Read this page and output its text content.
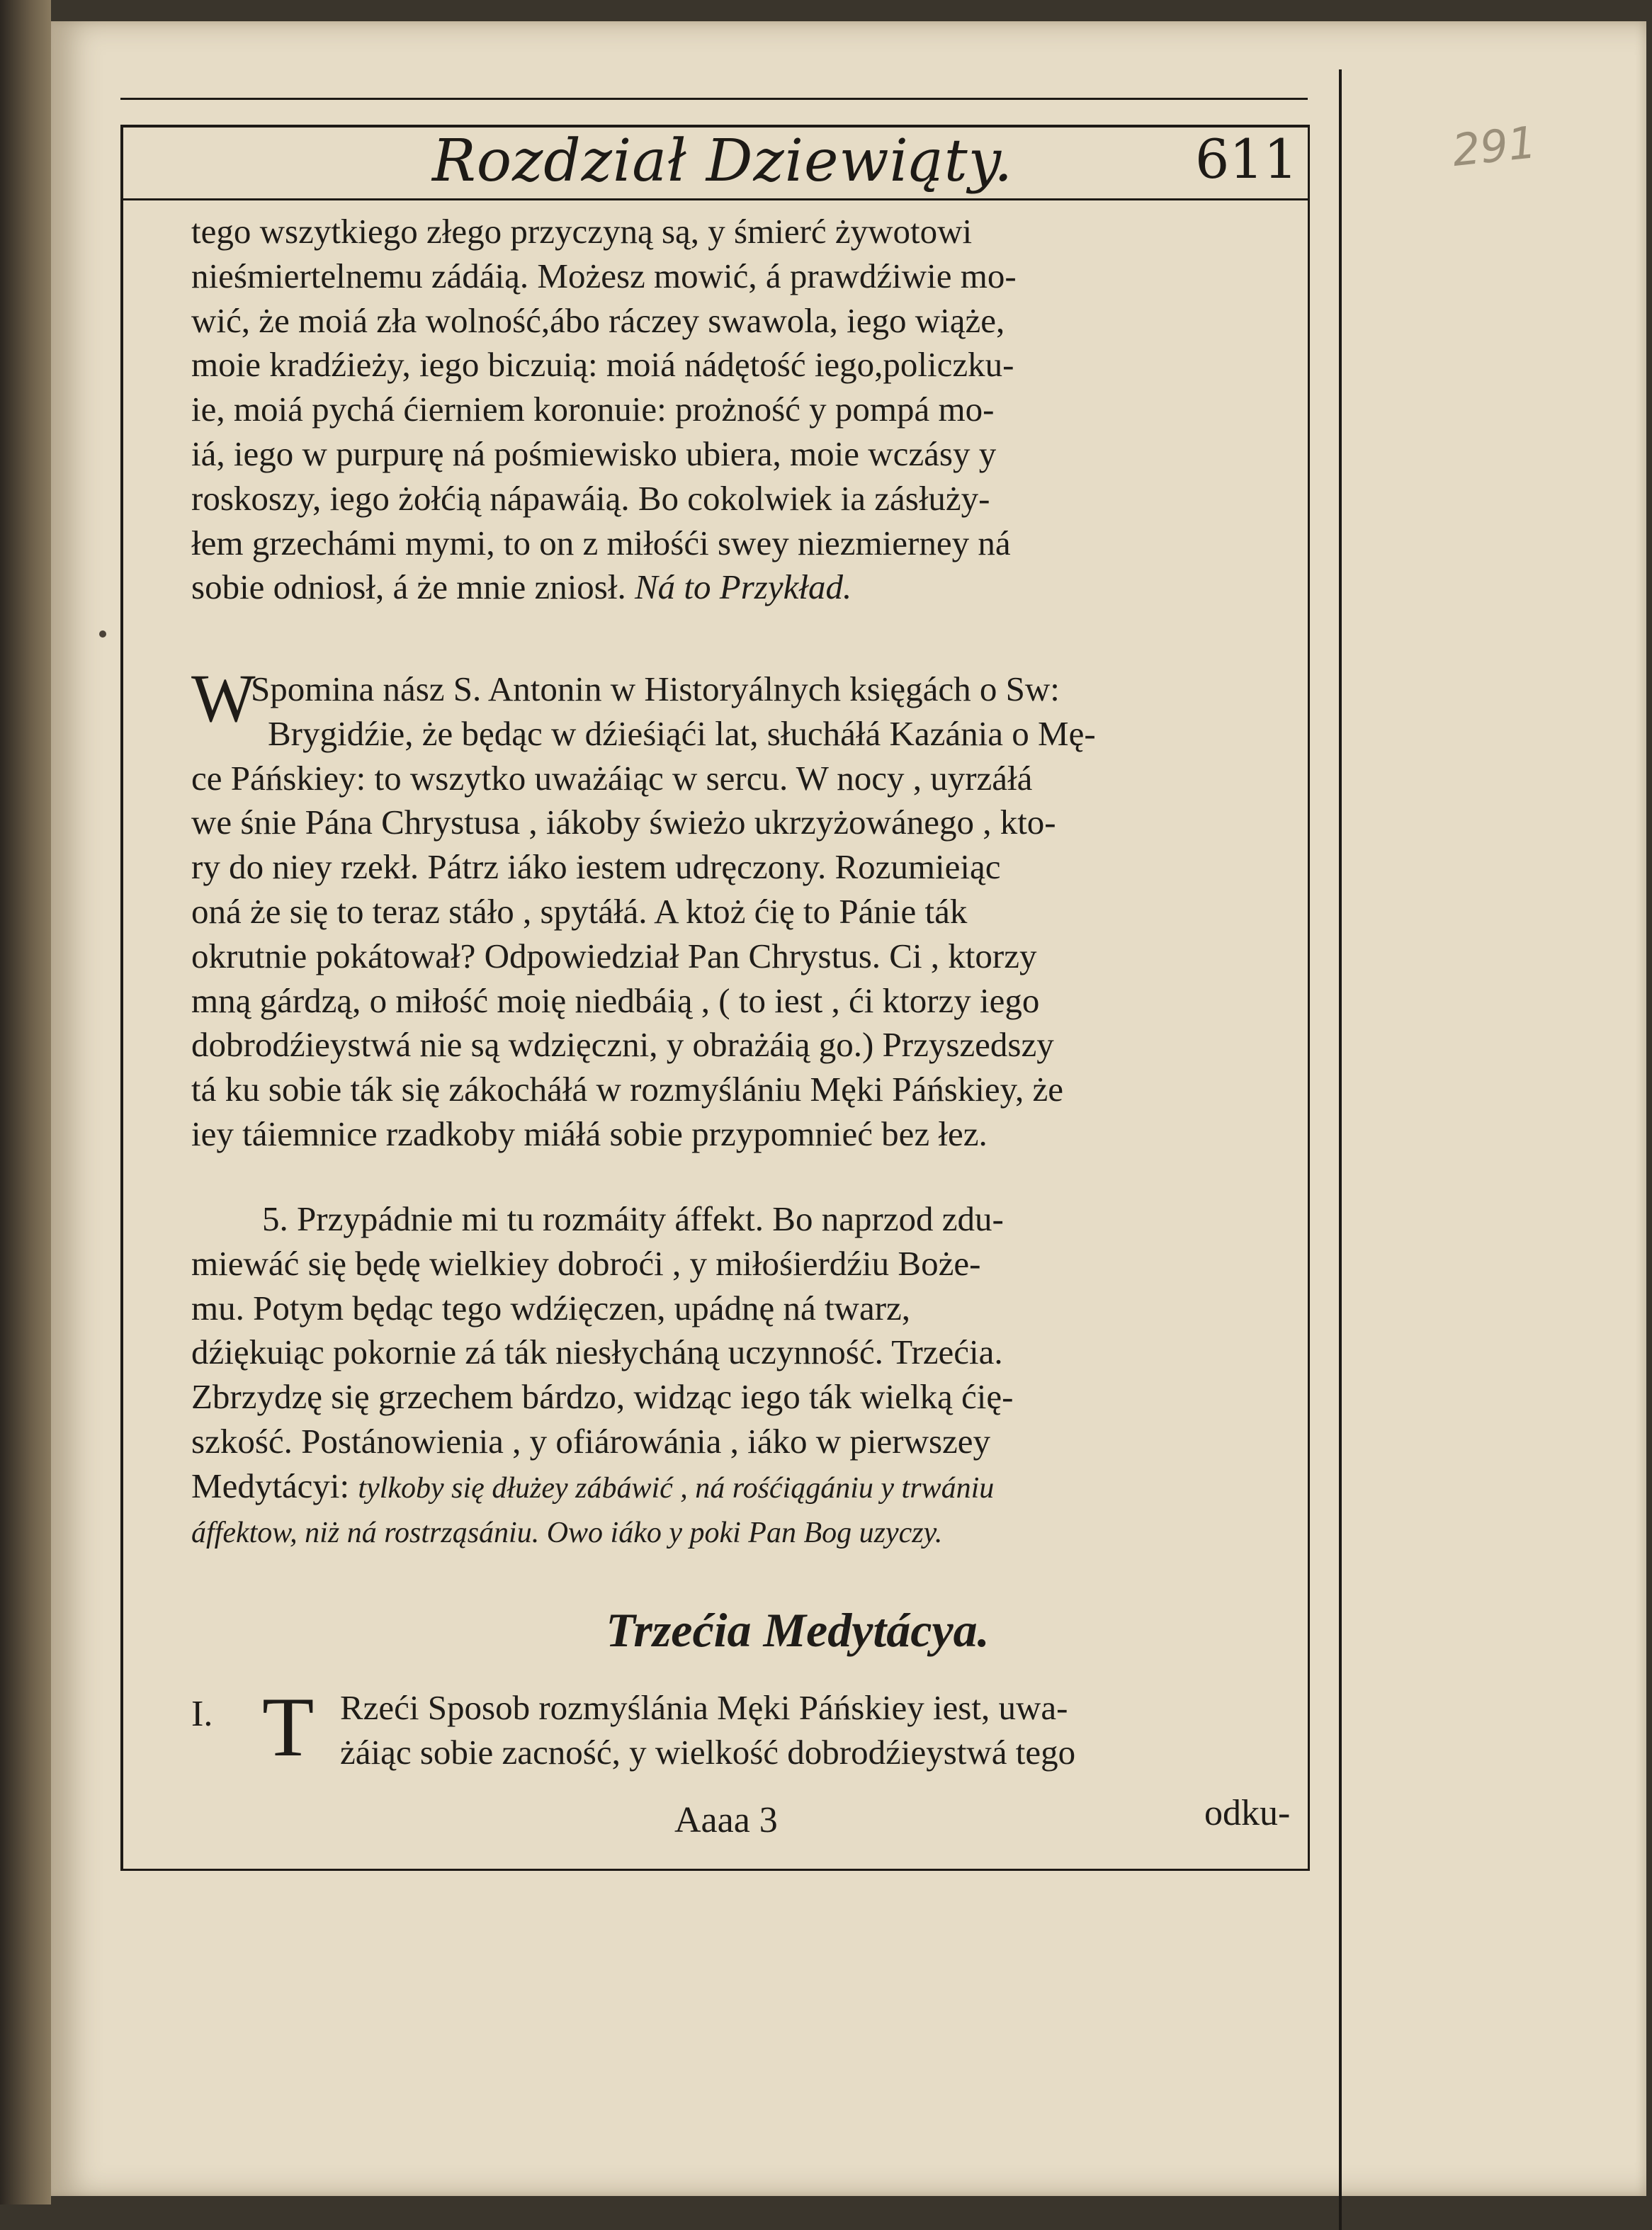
Rozdział Dziewiąty.	611	291
tego wszytkiego złego przyczyną są, y śmierć żywotowi
nieśmiertelnemu zádáią. Możesz mowić, á prawdźiwie mo-
wić, że moiá zła wolność,ábo ráczey swawola, iego wiąże,
moie kradźieży, iego biczuią: moiá nádętość iego,policzku-
ie, moiá pychá ćierniem koronuie: prożność y pompá mo-
iá, iego w purpurę ná pośmiewisko ubiera, moie wczásy y
roskoszy, iego żołćią nápawáią. Bo cokolwiek ia zásłuży-
łem grzechámi mymi, to on z miłośći swey niezmierney ná
sobie odniosł, á że mnie zniosł. Ná to Przykład.
W
Spomina nász S. Antonin w Historyálnych księgách o Sw:
Brygidźie, że będąc w dźieśiąći lat, słucháłá Kazánia o Mę-
ce Páńskiey: to wszytko uważáiąc w sercu. W nocy , uyrzáłá
we śnie Pána Chrystusa , iákoby świeżo ukrzyżowánego , kto-
ry do niey rzekł. Pátrz iáko iestem udręczony. Rozumieiąc
oná że się to teraz stáło , spytáłá. A ktoż ćię to Pánie ták
okrutnie pokátował? Odpowiedział Pan Chrystus. Ci , ktorzy
mną gárdzą, o miłość moię niedbáią , ( to iest , ći ktorzy iego
dobrodźieystwá nie są wdzięczni, y obrażáią go.) Przyszedszy
tá ku sobie ták się zákocháłá w rozmyślániu Męki Páńskiey, że
iey táiemnice rzadkoby miáłá sobie przypomnieć bez łez.
5. Przypádnie mi tu rozmáity áffekt. Bo naprzod zdu-
miewáć się będę wielkiey dobroći , y miłośierdźiu Boże-
mu. Potym będąc tego wdźięczen, upádnę ná twarz,
dźiękuiąc pokornie zá ták niesłycháną uczynność. Trzećia.
Zbrzydzę się grzechem bárdzo, widząc iego ták wielką ćię-
szkość. Postánowienia , y ofiárowánia , iáko w pierwszey
Medytácyi: tylkoby się dłużey zábáwić , ná rośćiągániu y trwániu
áffektow, niż ná rostrząsániu. Owo iáko y poki Pan Bog uzyczy.
Trzećia Medytácya.
I. T Rzeći Sposob rozmyślánia Męki Páńskiey iest, uwa-
żáiąc sobie zacność, y wielkość dobrodźieystwá tego
Aaaa 3	odku-
